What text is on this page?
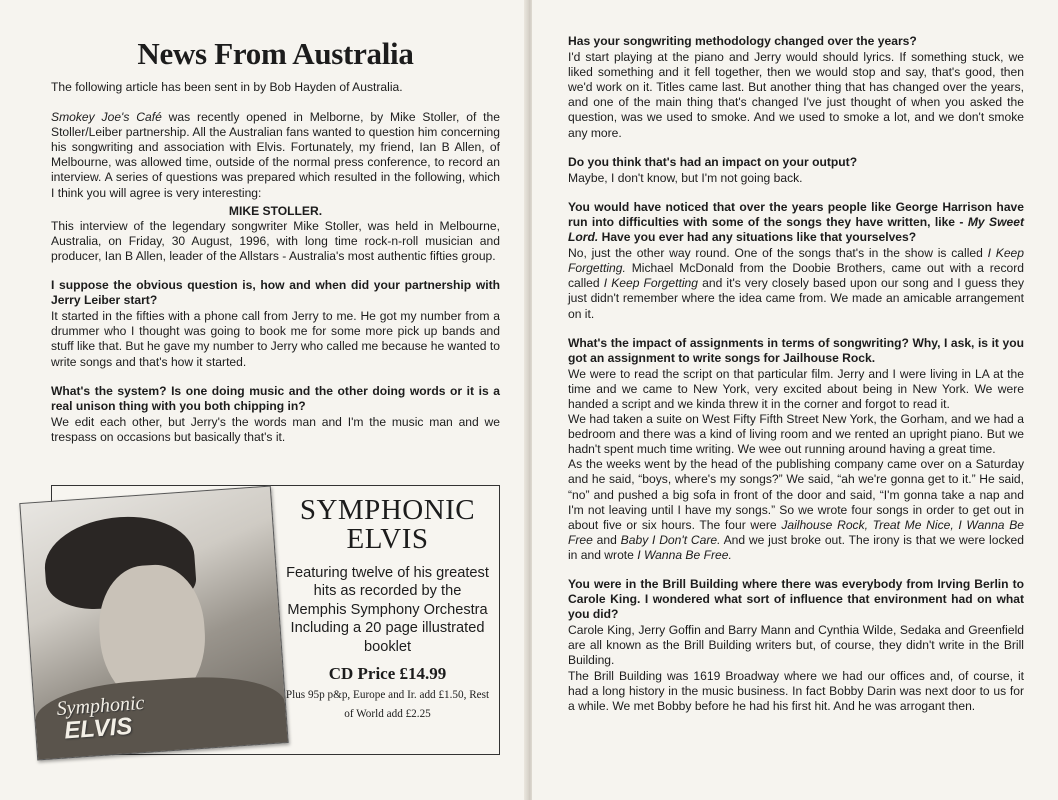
News From Australia

The following article has been sent in by Bob Hayden of Australia.

Smokey Joe's Café was recently opened in Melborne, by Mike Stoller, of the Stoller/Leiber partnership. All the Australian fans wanted to question him concerning his songwriting and association with Elvis. Fortunately, my friend, Ian B Allen, of Melbourne, was allowed time, outside of the normal press conference, to record an interview. A series of questions was prepared which resulted in the following, which I think you will agree is very interesting:

MIKE STOLLER.

This interview of the legendary songwriter Mike Stoller, was held in Melbourne, Australia, on Friday, 30 August, 1996, with long time rock-n-roll musician and producer, Ian B Allen, leader of the Allstars - Australia's most authentic fifties group.

I suppose the obvious question is, how and when did your partnership with Jerry Leiber start?

It started in the fifties with a phone call from Jerry to me. He got my number from a drummer who I thought was going to book me for some more pick up bands and stuff like that. But he gave my number to Jerry who called me because he wanted to write songs and that's how it started.

What's the system? Is one doing music and the other doing words or it is a real unison thing with you both chipping in?

We edit each other, but Jerry's the words man and I'm the music man and we trespass on occasions but basically that's it.

Symphonic
ELVIS
SYMPHONIC
ELVIS
Featuring twelve of his greatest hits as recorded by the Memphis Symphony Orchestra Including a 20 page illustrated booklet
CD Price £14.99
Plus 95p p&p, Europe and Ir. add £1.50, Rest of World add £2.25

Has your songwriting methodology changed over the years?

I'd start playing at the piano and Jerry would should lyrics. If something stuck, we liked something and it fell together, then we would stop and say, that's good, then we'd work on it. Titles came last. But another thing that has changed over the years, and one of the main thing that's changed I've just thought of when you asked the question, was we used to smoke. And we used to smoke a lot, and we don't smoke any more.

Do you think that's had an impact on your output?

Maybe, I don't know, but I'm not going back.

You would have noticed that over the years people like George Harrison have run into difficulties with some of the songs they have written, like - My Sweet Lord. Have you ever had any situations like that yourselves?

No, just the other way round. One of the songs that's in the show is called I Keep Forgetting. Michael McDonald from the Doobie Brothers, came out with a record called I Keep Forgetting and it's very closely based upon our song and I guess they just didn't remember where the idea came from. We made an amicable arrangement on it.

What's the impact of assignments in terms of songwriting? Why, I ask, is it you got an assignment to write songs for Jailhouse Rock.

We were to read the script on that particular film. Jerry and I were living in LA at the time and we came to New York, very excited about being in New York. We were handed a script and we kinda threw it in the corner and forgot to read it.

We had taken a suite on West Fifty Fifth Street New York, the Gorham, and we had a bedroom and there was a kind of living room and we rented an upright piano. But we hadn't spent much time writing. We wee out running around having a great time.

As the weeks went by the head of the publishing company came over on a Saturday and he said, “boys, where's my songs?” We said, “ah we're gonna get to it.” He said, “no” and pushed a big sofa in front of the door and said, “I'm gonna take a nap and I'm not leaving until I have my songs.” So we wrote four songs in order to get out in about five or six hours. The four were Jailhouse Rock, Treat Me Nice, I Wanna Be Free and Baby I Don't Care. And we just broke out. The irony is that we were locked in and wrote I Wanna Be Free.

You were in the Brill Building where there was everybody from Irving Berlin to Carole King. I wondered what sort of influence that environment had on what you did?

Carole King, Jerry Goffin and Barry Mann and Cynthia Wilde, Sedaka and Greenfield are all known as the Brill Building writers but, of course, they didn't write in the Brill Building.

The Brill Building was 1619 Broadway where we had our offices and, of course, it had a long history in the music business. In fact Bobby Darin was next door to us for a while. We met Bobby before he had his first hit. And he was arrogant then.
